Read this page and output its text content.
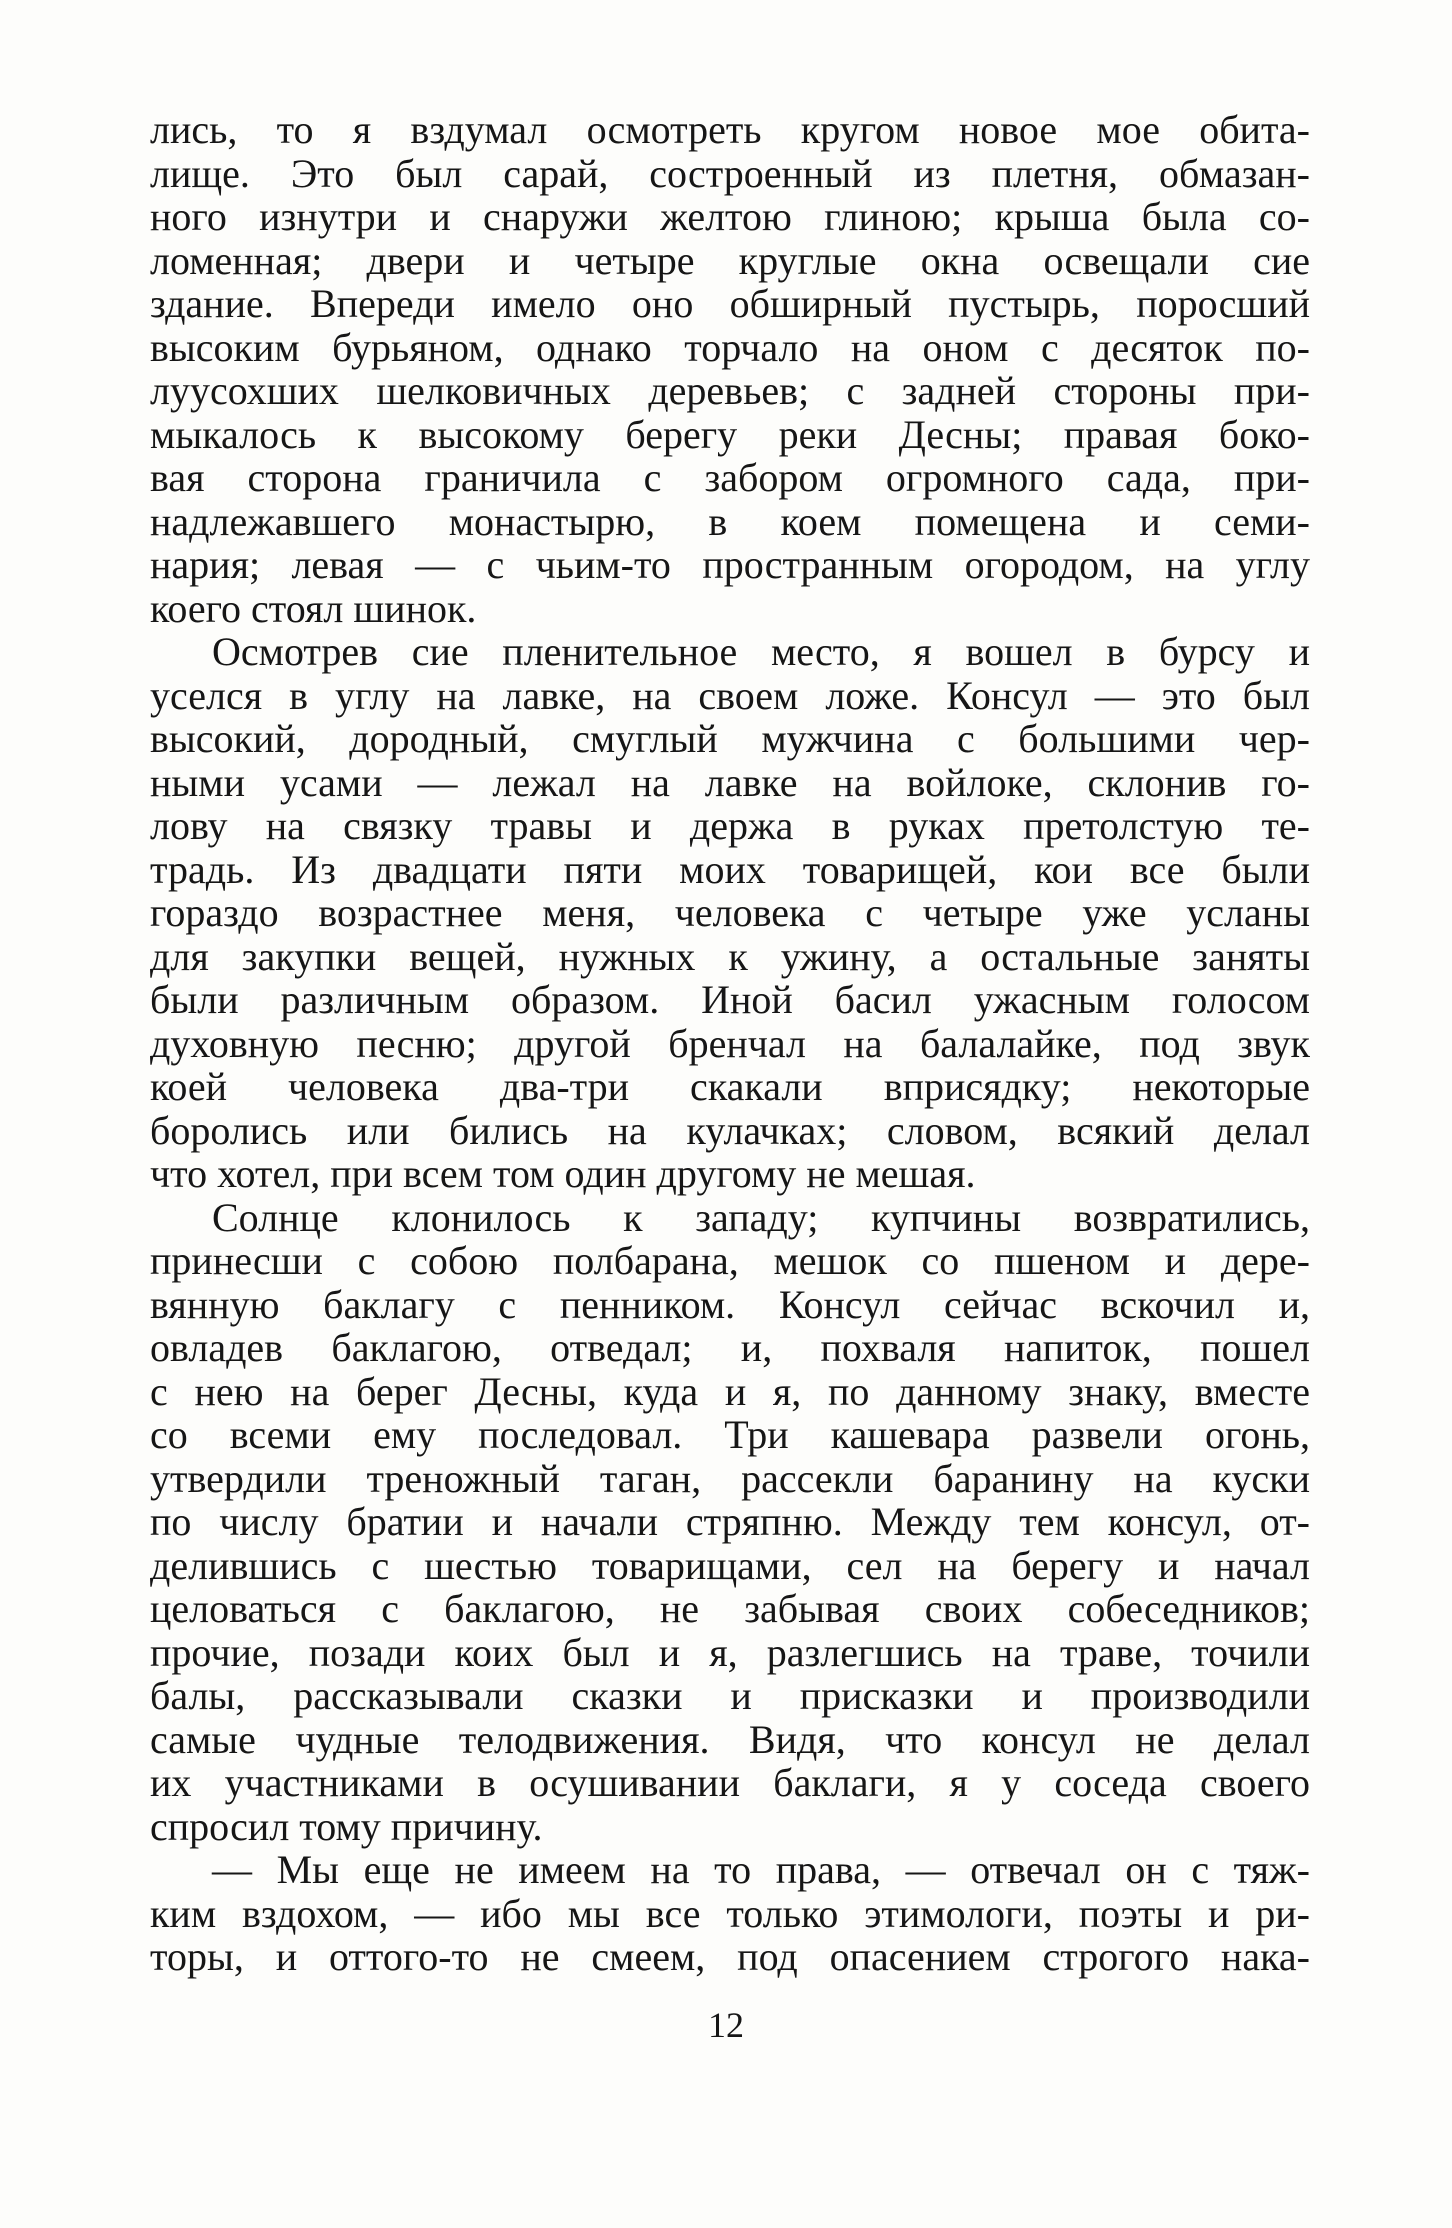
лись, то я вздумал осмотреть кругом новое мое обита-
лище. Это был сарай, сострoенный из плетня, обмазан-
ного изнутри и снаружи желтою глиною; крыша была со-
ломенная; двери и четыре круглые окна освещали сие
здание. Впереди имело оно обширный пустырь, поросший
высоким бурьяном, однако торчало на оном с десяток по-
луусохших шелковичных деревьев; с задней стороны при-
мыкалось к высокому берегу реки Десны; правая боко-
вая сторона граничила с забором огромного сада, при-
надлежавшего монастырю, в коем помещена и семи-
нария; левая — с чьим-то пространным огородом, на углу
коего стоял шинок.
Осмотрев сие пленительное место, я вошел в бурсу и
уселся в углу на лавке, на своем ложе. Консул — это был
высокий, дородный, смуглый мужчина с большими чер-
ными усами — лежал на лавке на войлоке, склонив го-
лову на связку травы и держа в руках претолстую те-
традь. Из двадцати пяти моих товарищей, кои все были
гораздо возрастнее меня, человека с четыре уже усланы
для закупки вещей, нужных к ужину, а остальные заняты
были различным образом. Иной басил ужасным голосом
духовную песню; другой бренчал на балалайке, под звук
коей человека два-три скакали вприсядку; некоторые
боролись или бились на кулачках; словом, всякий делал
что хотел, при всем том один другому не мешая.
Солнце клонилось к западу; купчины возвратились,
принесши с собою полбарана, мешок со пшеном и дере-
вянную баклагу с пенником. Консул сейчас вскочил и,
овладев баклагою, отведал; и, похваля напиток, пошел
с нею на берег Десны, куда и я, по данному знаку, вместе
со всеми ему последовал. Три кашевара развели огонь,
утвердили треножный таган, рассекли баранину на куски
по числу братии и начали стряпню. Между тем консул, от-
делившись с шестью товарищами, сел на берегу и начал
целоваться с баклагою, не забывая своих собеседников;
прочие, позади коих был и я, разлегшись на траве, точили
балы, рассказывали сказки и присказки и производили
самые чудные телодвижения. Видя, что консул не делал
их участниками в осушивании баклаги, я у соседа своего
спросил тому причину.
— Мы еще не имеем на то права, — отвечал он с тяж-
ким вздохом, — ибо мы все только этимологи, поэты и ри-
торы, и оттого-то не смеем, под опасением строгого нака-
12
